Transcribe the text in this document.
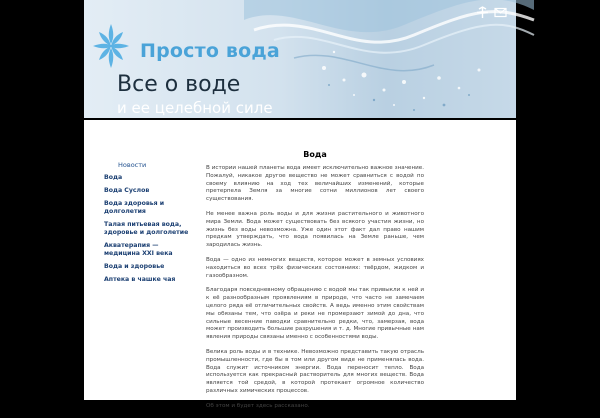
Просто вода
Все о воде
и ее целебной силе
Новости
Вода
Вода Суслов
Вода здоровья и долголетия
Талая питьевая вода, здоровье и долголетие
Акватерапия — медицина XXI века
Вода и здоровье
Аптека в чашке чая
Вода

В истории нашей планеты вода имеет исключительно важное значение. Пожалуй, никакое другое вещество не может сравниться с водой по своему влиянию на ход тех величайших изменений, которые претерпела Земля за многие сотни миллионов лет своего существования.

Не менее важна роль воды и для жизни растительного и животного мира Земли. Вода может существовать без всякого участия жизни, но жизнь без воды невозможна. Уже один этот факт дал право нашим предкам утверждать, что вода появилась на Земле раньше, чем зародилась жизнь.

Вода — одно из немногих веществ, которое может в земных условиях находиться во всех трёх физических состояниях: твёрдом, жидком и газообразном.

Благодаря повседневному обращению с водой мы так привыкли к ней и к её разнообразным проявлениям в природе, что часто не замечаем целого ряда её отличительных свойств. А ведь именно этим свойствам мы обязаны тем, что озёра и реки не промерзают зимой до дна, что сильные весенние паводки сравнительно редки, что, замерзая, вода может производить большие разрушения и т. д. Многие привычные нам явления природы связаны именно с особенностями воды.

Велика роль воды и в технике. Невозможно представить такую отрасль промышленности, где бы в том или другом виде не применялась вода. Вода служит источником энергии. Вода переносит тепло. Вода используется как прекрасный растворитель для многих веществ. Вода является той средой, в которой протекает огромное количество различных химических процессов.

Об этом и будет здесь рассказано.
